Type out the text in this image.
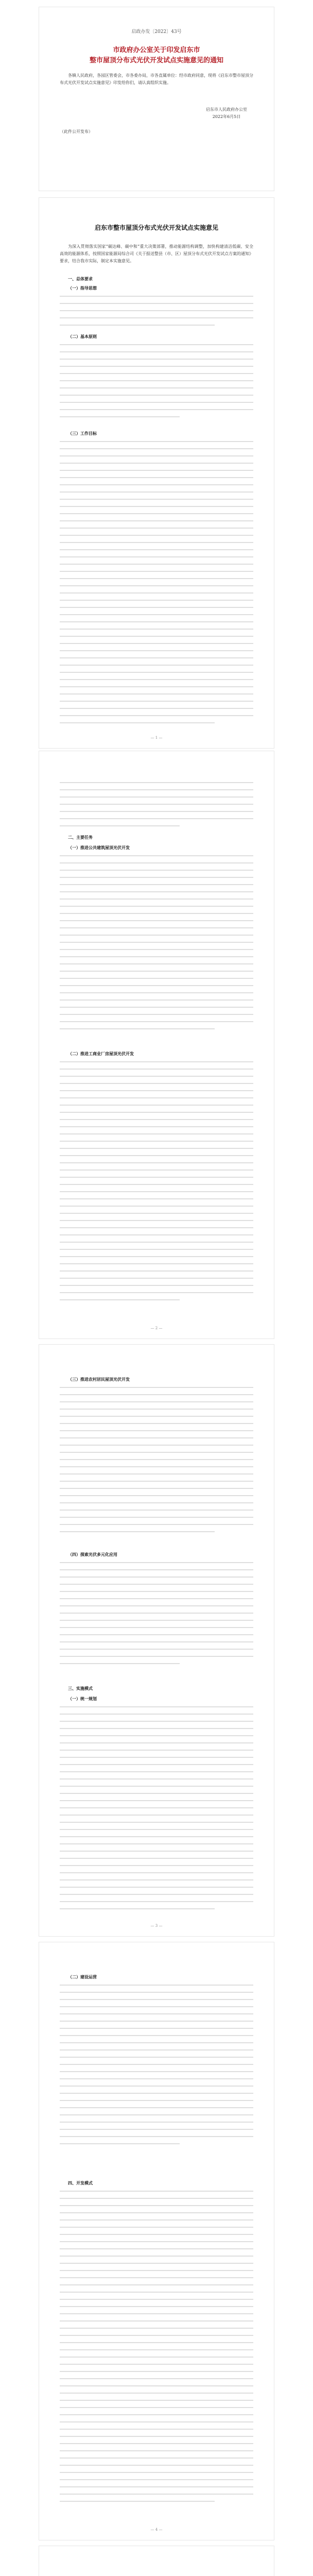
启政办发〔2022〕43号

市政府办公室关于印发启东市

整市屋顶分布式光伏开发试点实施意见的通知

各镇人民政府，各园区管委会，市各委办局，市各直属单位：经市政府同意，现将《启东市整市屋顶分布式光伏开发试点实施意见》印发给你们，请认真组织实施。
启东市人民政府办公室
2022年6月5日
（此件公开发布）

启东市整市屋顶分布式光伏开发试点实施意见

为深入贯彻落实国家“碳达峰、碳中和”重大决策部署，推动能源结构调整，加快构建清洁低碳、安全高效的能源体系，按照国家能源局综合司《关于报送整县（市、区）屋顶分布式光伏开发试点方案的通知》要求，结合我市实际，制定本实施意见。
一、总体要求
（一）指导思想
（二）基本原则
（三）工作目标
— 1 —
二、主要任务
（一）推进公共建筑屋顶光伏开发
（二）推进工商业厂房屋顶光伏开发
— 2 —
（三）推进农村居民屋顶光伏开发
（四）探索光伏多元化应用
三、实施模式
（一）统一规划
— 3 —
（二）建设运营
四、开发模式
— 4 —
